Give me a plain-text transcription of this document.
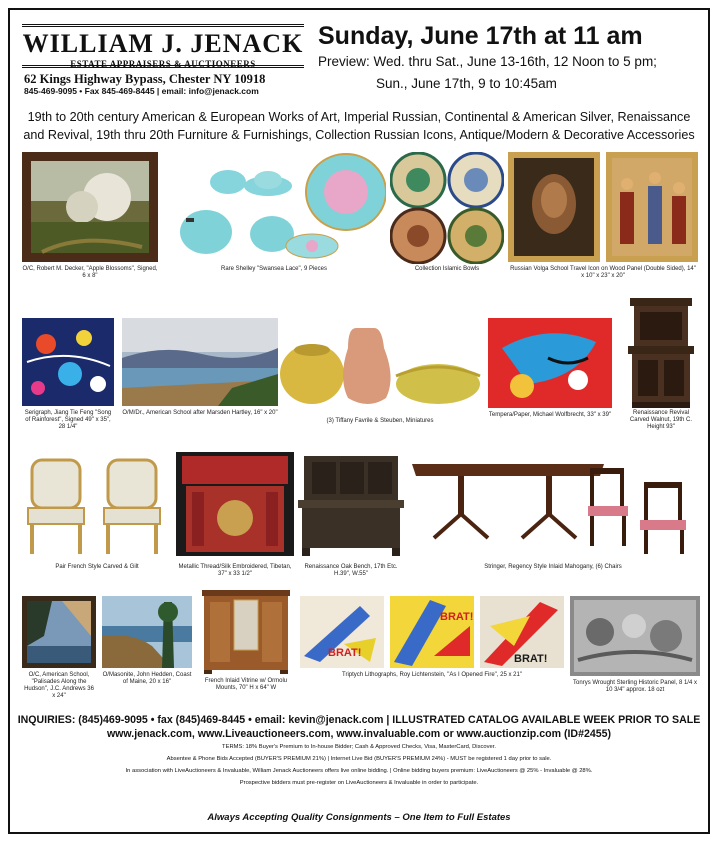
WILLIAM J. JENACK
ESTATE APPRAISERS & AUCTIONEERS
62 Kings Highway Bypass, Chester NY 10918
845-469-9095 • Fax 845-469-8445 | email: info@jenack.com
Sunday, June 17th at 11 am
Preview: Wed. thru Sat., June 13-16th, 12 Noon to 5 pm;
Sun., June 17th, 9 to 10:45am
19th to 20th century American & European Works of Art, Imperial Russian, Continental & American Silver, Renaissance and Revival, 19th thru 20th Furniture & Furnishings, Collection Russian Icons, Antique/Modern & Decorative Accessories
O/C, Robert M. Decker, "Apple Blossoms", Signed, 6 x 8"
Rare Shelley "Swansea Lace", 9 Pieces	Collection Islamic Bowls	Russian Volga School Travel Icon on Wood Panel (Double Sided), 14" x 10" x 23" x 20"
Serigraph, Jiang Tie Feng "Song of Rainforest", Signed 49" x 35", 28 1/4"
O/M/Dr., American School after Marsden Hartley, 16" x 20"
(3) Tiffany Favrile & Steuben, Miniatures
Tempera/Paper, Michael Wolfbrecht, 33" x 39"	Renaissance Revival Carved Walnut, 19th C. Height 93"
Pair French Style Carved & Gilt	Metallic Thread/Silk Embroidered, Tibetan, 37" x 33 1/2"
Renaissance Oak Bench, 17th Etc. H.39", W.55"
Stringer, Regency Style Inlaid Mahogany, (6) Chairs
O/C, American School, "Palisades Along the Hudson", J.C. Andrews 36 x 24"
O/Masonite, John Hedden, Coast of Maine, 20 x 16"	French Inlaid Vitrine w/ Ormolu Mounts, 70" H x 64" W
BRAT!
BRAT!
BRAT!
Triptych Lithographs, Roy Lichtenstein, "As I Opened Fire", 25 x 21"
Tonrys Wrought Sterling Historic Panel, 8 1/4 x 10 3/4" approx. 18 ozt
INQUIRIES: (845)469-9095 • fax (845)469-8445 • email: kevin@jenack.com | ILLUSTRATED CATALOG AVAILABLE WEEK PRIOR TO SALE
www.jenack.com, www.Liveauctioneers.com, www.invaluable.com or www.auctionzip.com (ID#2455)
TERMS: 18% Buyer's Premium to In-house Bidder; Cash & Approved Checks, Visa, MasterCard, Discover.
Absentee & Phone Bids Accepted (BUYER'S PREMIUM 21%) | Internet Live Bid (BUYER'S PREMIUM 24%) - MUST be registered 1 day prior to sale.
In association with LiveAuctioneers & Invaluable, William Jenack Auctioneers offers live online bidding. | Online bidding buyers premium: LiveAuctioneers @ 25% - Invaluable @ 28%.
Prospective bidders must pre-register on LiveAuctioneers & Invaluable in order to participate.
Always Accepting Quality Consignments – One Item to Full Estates
